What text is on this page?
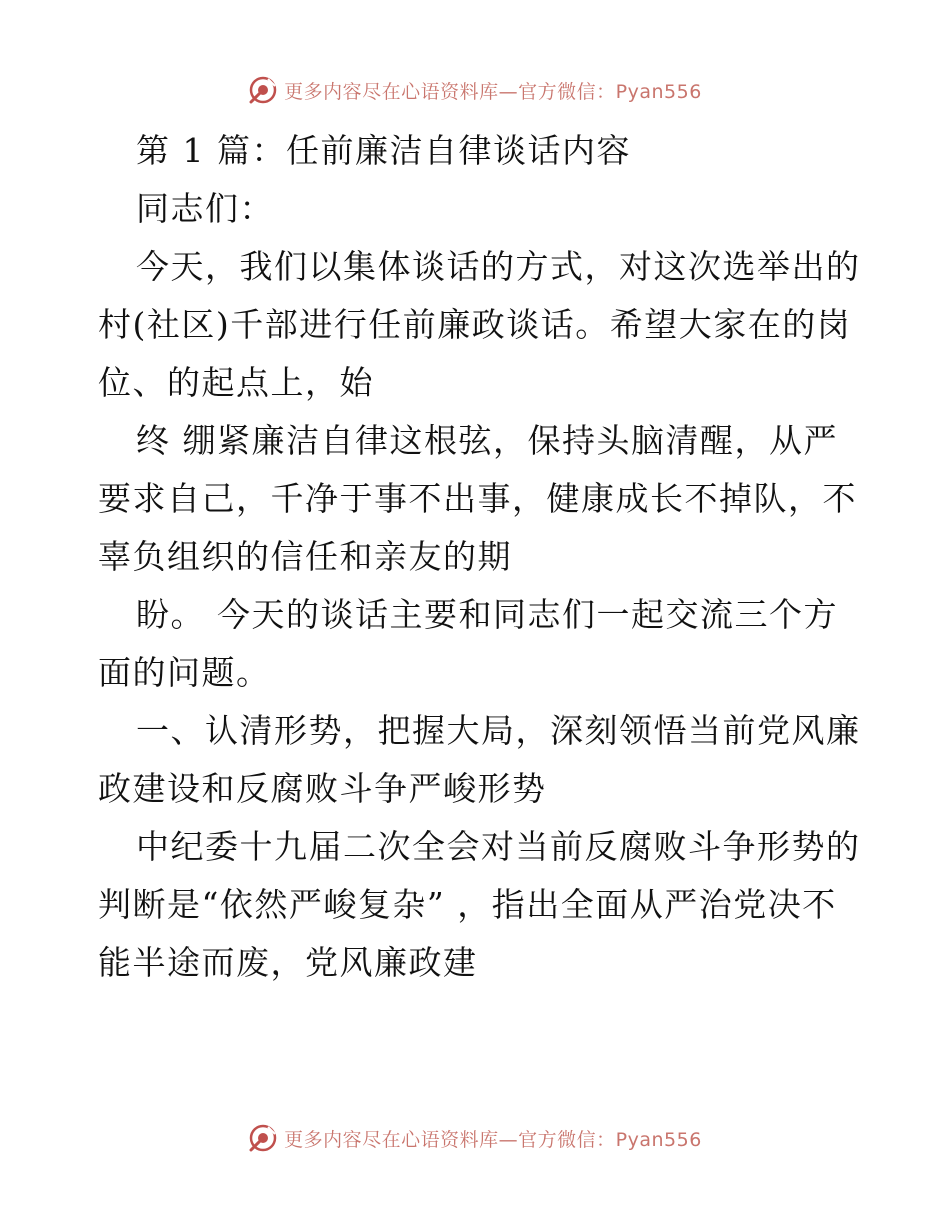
更多内容尽在心语资料库—官方微信：Pyan556
第 1 篇：任前廉洁自律谈话内容
同志们：
今天，我们以集体谈话的方式，对这次选举出的
村(社区)千部进行任前廉政谈话。希望大家在的岗
位、的起点上，始
终 绷紧廉洁自律这根弦，保持头脑清醒，从严
要求自己，千净于事不出事，健康成长不掉队，不
辜负组织的信任和亲友的期
盼。 今天的谈话主要和同志们一起交流三个方
面的问题。
一、认清形势，把握大局，深刻领悟当前党风廉
政建设和反腐败斗争严峻形势
中纪委十九届二次全会对当前反腐败斗争形势的
判断是“依然严峻复杂” ，指出全面从严治党决不
能半途而废，党风廉政建
更多内容尽在心语资料库—官方微信：Pyan556
